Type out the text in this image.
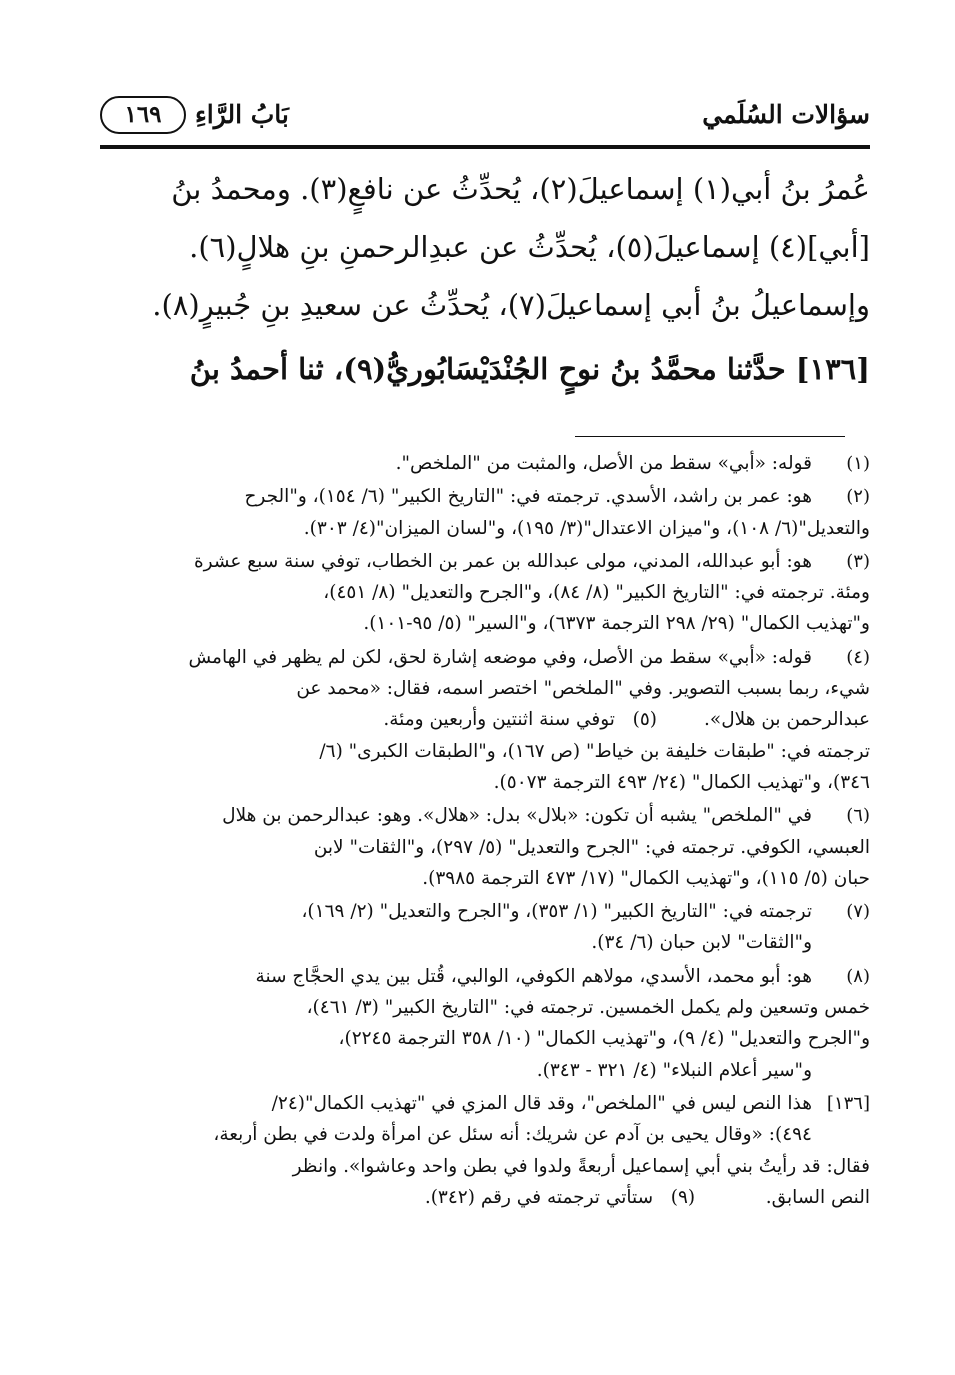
سؤالات السُلَمي
بَابُ الرَّاءِ
١٦٩
عُمرُ بنُ أبي(١) إسماعيلَ(٢)، يُحدِّثُ عن نافعٍ(٣). ومحمدُ بنُ
[أبي](٤) إسماعيلَ(٥)، يُحدِّثُ عن عبدِالرحمنِ بنِ هلالٍ(٦).
وإسماعيلُ بنُ أبي إسماعيلَ(٧)، يُحدِّثُ عن سعيدِ بنِ جُبيرٍ(٨).
[١٣٦] حدَّثنا محمَّدُ بنُ نوحٍ الجُنْدَيْسَابُوريُّ(٩)، ثنا أحمدُ بنُ
(١)
قوله: «أبي» سقط من الأصل، والمثبت من "الملخص".
(٢)
هو: عمر بن راشد، الأسدي. ترجمته في: "التاريخ الكبير" (٦/ ١٥٤)، و"الجرح
والتعديل"(٦/ ١٠٨)، و"ميزان الاعتدال"(٣/ ١٩٥)، و"لسان الميزان"(٤/ ٣٠٣).
(٣)
هو: أبو عبدالله، المدني، مولى عبدالله بن عمر بن الخطاب، توفي سنة سبع عشرة
ومئة. ترجمته في: "التاريخ الكبير" (٨/ ٨٤)، و"الجرح والتعديل" (٨/ ٤٥١)،
و"تهذيب الكمال" (٢٩/ ٢٩٨ الترجمة ٦٣٧٣)، و"السير" (٥/ ٩٥-١٠١).
(٤)
قوله: «أبي» سقط من الأصل، وفي موضعه إشارة لحق، لكن لم يظهر في الهامش
شيء، ربما بسبب التصوير. وفي "الملخص" اختصر اسمه، فقال: «محمد عن
عبدالرحمن بن هلال».        (٥)   توفي سنة اثنتين وأربعين ومئة.
ترجمته في: "طبقات خليفة بن خياط" (ص ١٦٧)، و"الطبقات الكبرى" (٦/
٣٤٦)، و"تهذيب الكمال" (٢٤/ ٤٩٣ الترجمة ٥٠٧٣).
(٦)
في "الملخص" يشبه أن تكون: «بلال» بدل: «هلال». وهو: عبدالرحمن بن هلال
العبسي، الكوفي. ترجمته في: "الجرح والتعديل" (٥/ ٢٩٧)، و"الثقات" لابن
حبان (٥/ ١١٥)، و"تهذيب الكمال" (١٧/ ٤٧٣ الترجمة ٣٩٨٥).
(٧)
ترجمته في: "التاريخ الكبير" (١/ ٣٥٣)، و"الجرح والتعديل" (٢/ ١٦٩)،
و"الثقات" لابن حبان (٦/ ٣٤).
(٨)
هو: أبو محمد، الأسدي، مولاهم الكوفي، الوالبي، قُتل بين يدي الحجَّاج سنة
خمس وتسعين ولم يكمل الخمسين. ترجمته في: "التاريخ الكبير" (٣/ ٤٦١)،
و"الجرح والتعديل" (٤/ ٩)، و"تهذيب الكمال" (١٠/ ٣٥٨ الترجمة ٢٢٤٥)،
و"سير أعلام النبلاء" (٤/ ٣٢١ - ٣٤٣).
[١٣٦]
هذا النص ليس في "الملخص"، وقد قال المزي في "تهذيب الكمال"(٢٤/
٤٩٤): «وقال يحيى بن آدم عن شريك: أنه سئل عن امرأة ولدت في بطن أربعة،
فقال: قد رأيتُ بني أبي إسماعيل أربعةً ولدوا في بطن واحد وعاشوا». وانظر
النص السابق.            (٩)   ستأتي ترجمته في رقم (٣٤٢).
